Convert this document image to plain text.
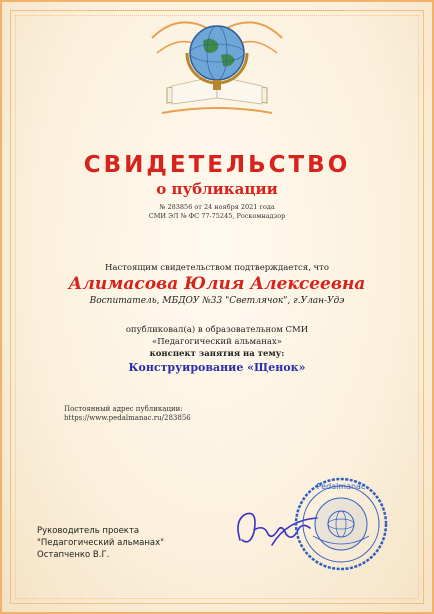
СВИДЕТЕЛЬСТВО
о публикации
№ 283856 от 24 ноября 2021 года
СМИ ЭЛ № ФС 77-75245, Роскомнадзор
Настоящим свидетельством подтверждается, что
Алимасова Юлия Алексеевна
Воспитатель, МБДОУ №33 "Светлячок", г.Улан-Удэ
опубликовал(а) в образовательном СМИ
«Педагогический альманах»
конспект занятия на тему:
Конструирование «Щенок»
Постоянный адрес публикации:
https://www.pedalmanac.ru/283856
Руководитель проекта
"Педагогический альманах"
Остапченко В.Г.
Pedalmanac
